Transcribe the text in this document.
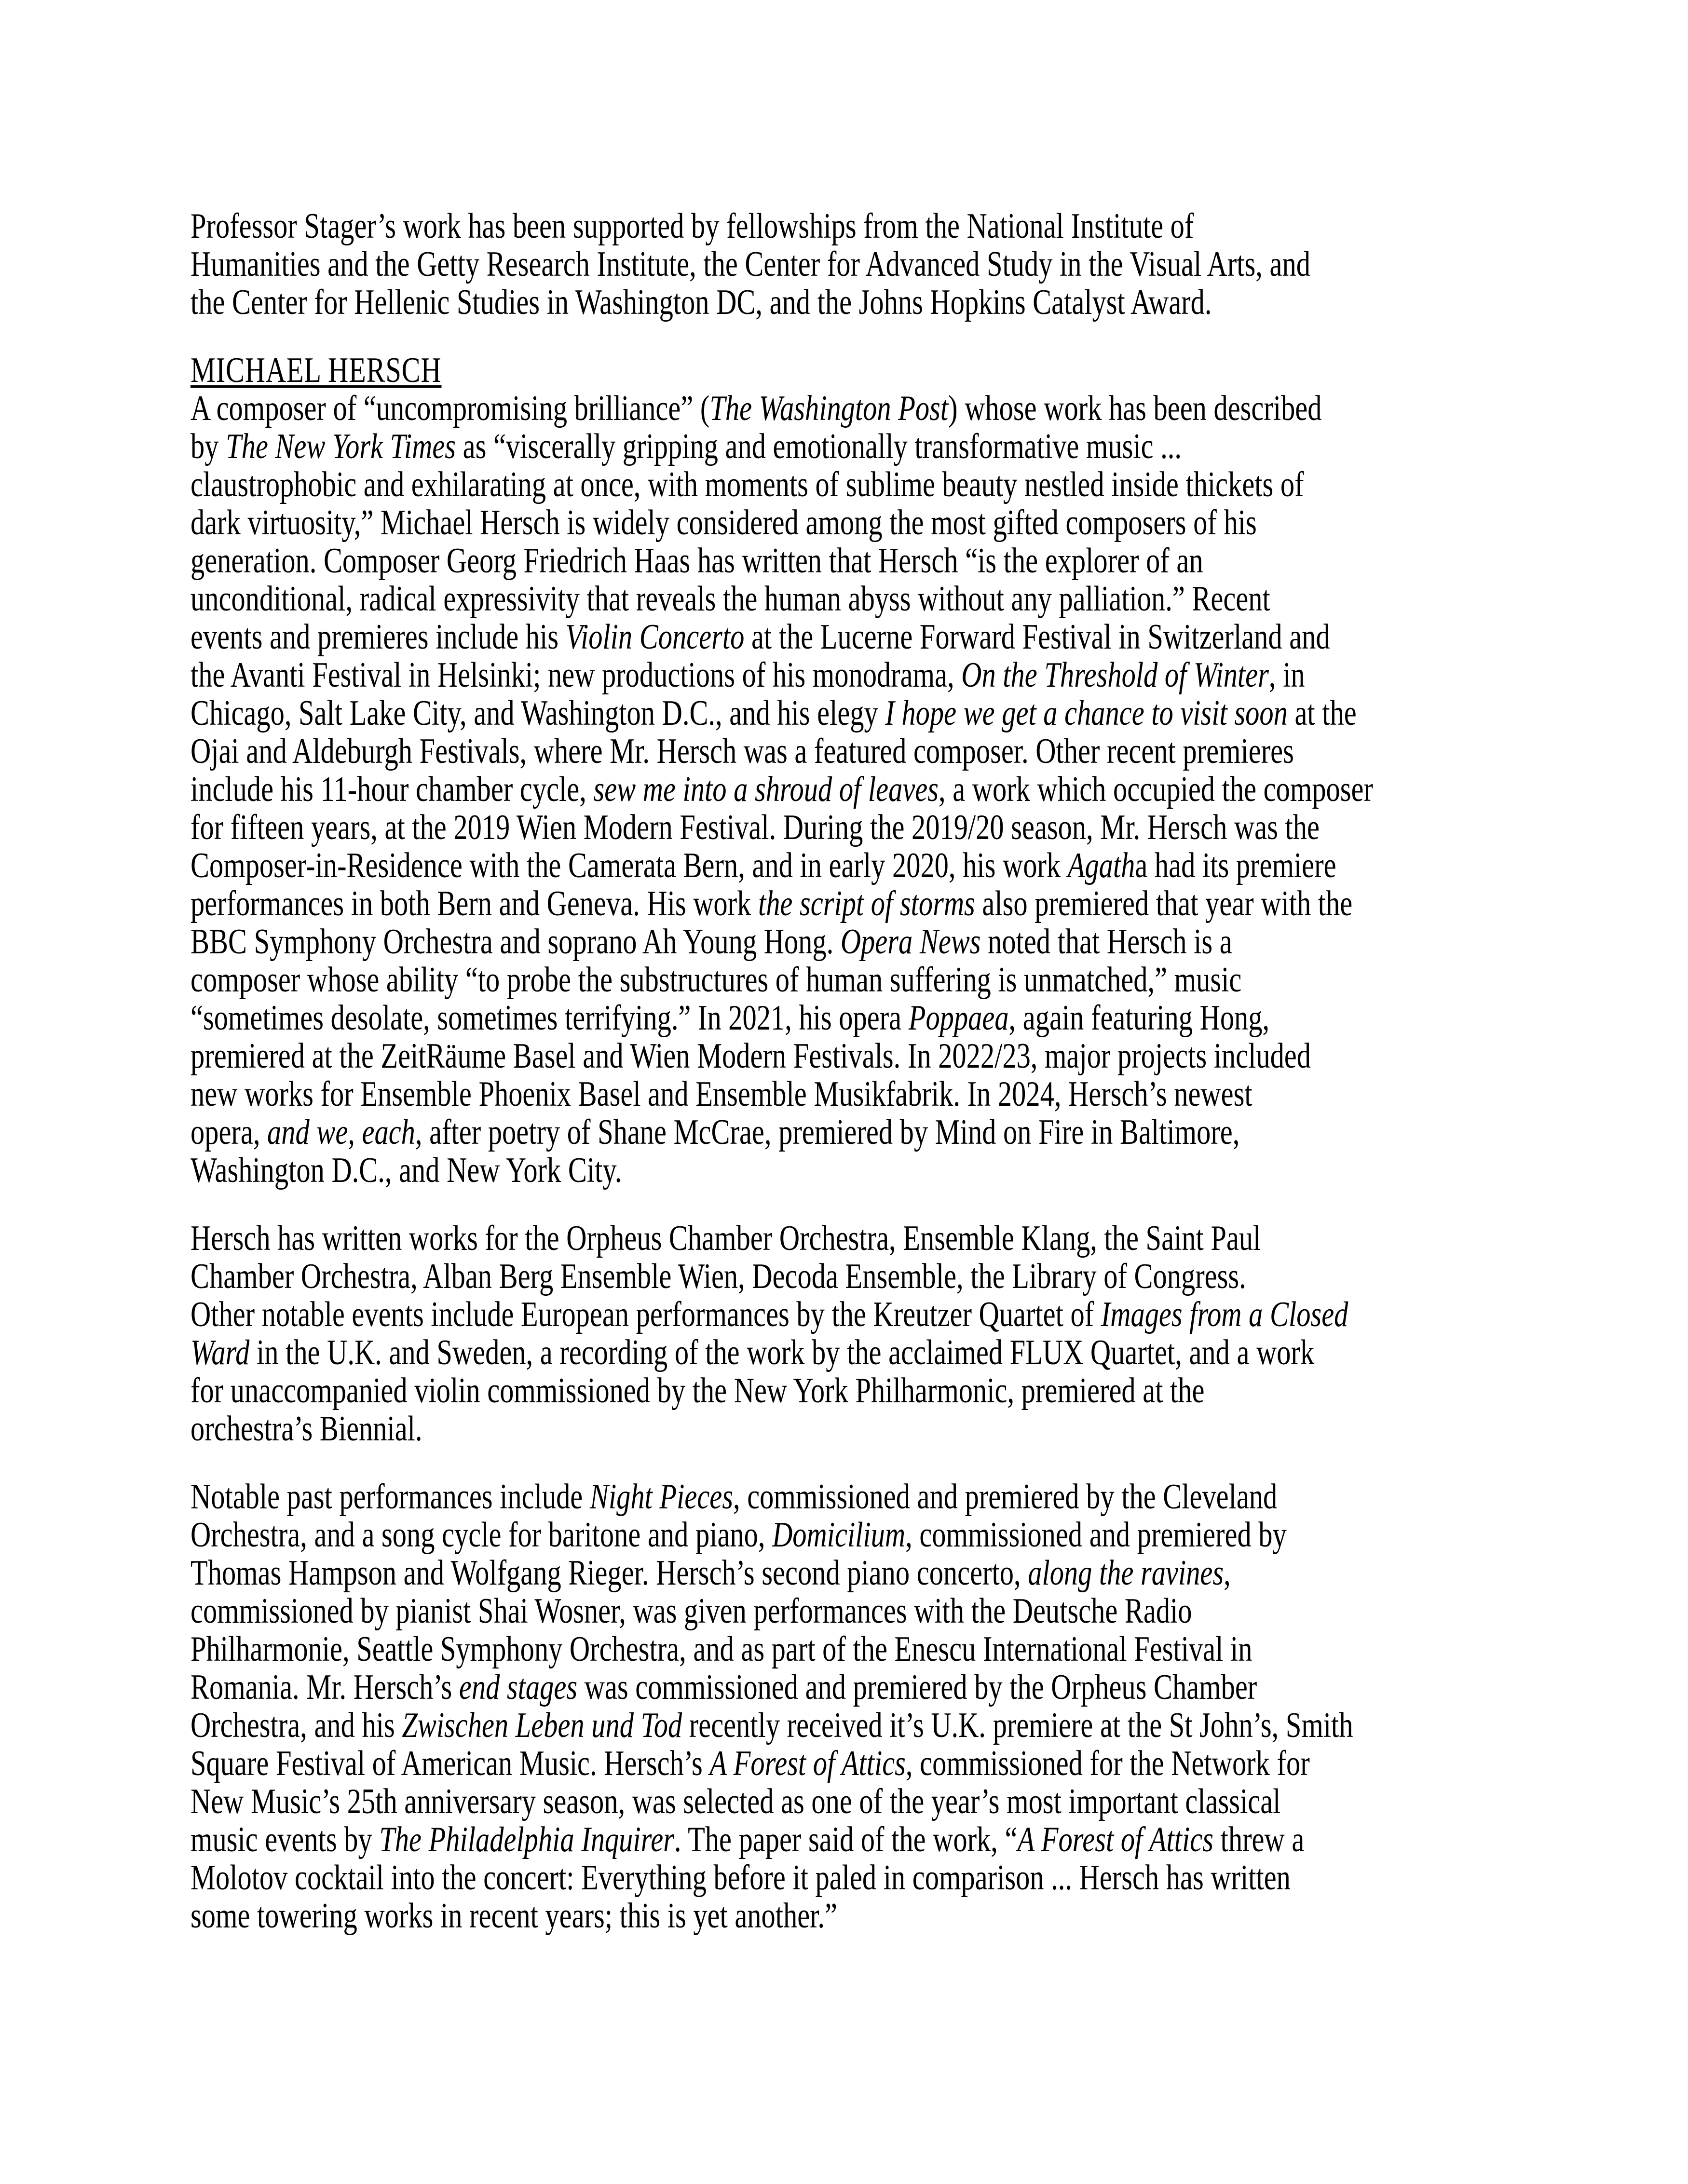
Professor Stager’s work has been supported by fellowships from the National Institute of
Humanities and the Getty Research Institute, the Center for Advanced Study in the Visual Arts, and
the Center for Hellenic Studies in Washington DC, and the Johns Hopkins Catalyst Award.
MICHAEL HERSCH
A composer of “uncompromising brilliance” (The Washington Post) whose work has been described
by The New York Times as “viscerally gripping and emotionally transformative music ...
claustrophobic and exhilarating at once, with moments of sublime beauty nestled inside thickets of
dark virtuosity,” Michael Hersch is widely considered among the most gifted composers of his
generation. Composer Georg Friedrich Haas has written that Hersch “is the explorer of an
unconditional, radical expressivity that reveals the human abyss without any palliation.” Recent
events and premieres include his Violin Concerto at the Lucerne Forward Festival in Switzerland and
the Avanti Festival in Helsinki; new productions of his monodrama, On the Threshold of Winter, in
Chicago, Salt Lake City, and Washington D.C., and his elegy I hope we get a chance to visit soon at the
Ojai and Aldeburgh Festivals, where Mr. Hersch was a featured composer. Other recent premieres
include his 11-hour chamber cycle, sew me into a shroud of leaves, a work which occupied the composer
for fifteen years, at the 2019 Wien Modern Festival. During the 2019/20 season, Mr. Hersch was the
Composer-in-Residence with the Camerata Bern, and in early 2020, his work Agatha had its premiere
performances in both Bern and Geneva. His work the script of storms also premiered that year with the
BBC Symphony Orchestra and soprano Ah Young Hong. Opera News noted that Hersch is a
composer whose ability “to probe the substructures of human suffering is unmatched,” music
“sometimes desolate, sometimes terrifying.” In 2021, his opera Poppaea, again featuring Hong,
premiered at the ZeitRäume Basel and Wien Modern Festivals. In 2022/23, major projects included
new works for Ensemble Phoenix Basel and Ensemble Musikfabrik. In 2024, Hersch’s newest
opera, and we, each, after poetry of Shane McCrae, premiered by Mind on Fire in Baltimore,
Washington D.C., and New York City.
Hersch has written works for the Orpheus Chamber Orchestra, Ensemble Klang, the Saint Paul
Chamber Orchestra, Alban Berg Ensemble Wien, Decoda Ensemble, the Library of Congress.
Other notable events include European performances by the Kreutzer Quartet of Images from a Closed
Ward in the U.K. and Sweden, a recording of the work by the acclaimed FLUX Quartet, and a work
for unaccompanied violin commissioned by the New York Philharmonic, premiered at the
orchestra’s Biennial.
Notable past performances include Night Pieces, commissioned and premiered by the Cleveland
Orchestra, and a song cycle for baritone and piano, Domicilium, commissioned and premiered by
Thomas Hampson and Wolfgang Rieger. Hersch’s second piano concerto, along the ravines,
commissioned by pianist Shai Wosner, was given performances with the Deutsche Radio
Philharmonie, Seattle Symphony Orchestra, and as part of the Enescu International Festival in
Romania. Mr. Hersch’s end stages was commissioned and premiered by the Orpheus Chamber
Orchestra, and his Zwischen Leben und Tod recently received it’s U.K. premiere at the St John’s, Smith
Square Festival of American Music. Hersch’s A Forest of Attics, commissioned for the Network for
New Music’s 25th anniversary season, was selected as one of the year’s most important classical
music events by The Philadelphia Inquirer. The paper said of the work, “A Forest of Attics threw a
Molotov cocktail into the concert: Everything before it paled in comparison ... Hersch has written
some towering works in recent years; this is yet another.”
